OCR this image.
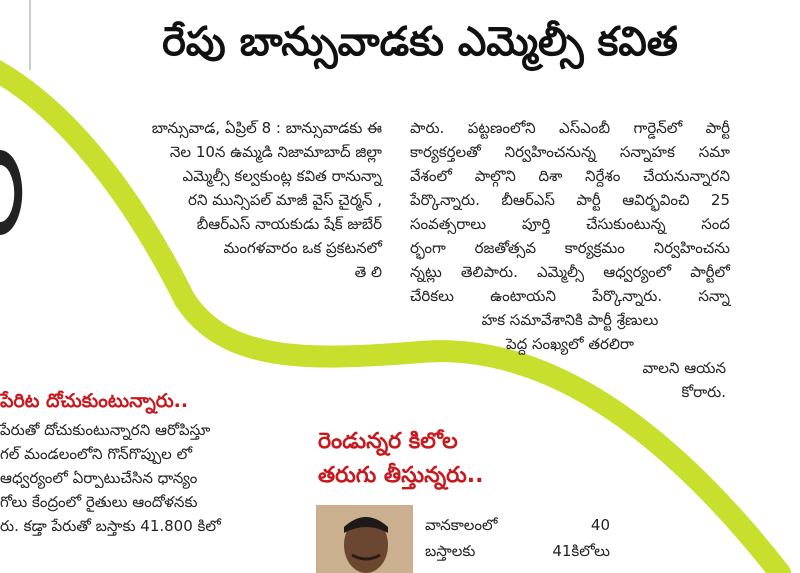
రేపు బాన్సువాడకు ఎమ్మెల్సీ కవిత
బాన్సువాడ, ఏప్రిల్ 8 : బాన్సువాడకు ఈ
నెల 10న ఉమ్మడి నిజామాబాద్ జిల్లా
ఎమ్మెల్సీ కల్వకుంట్ల కవిత రానున్నా
రని మున్సిపల్ మాజీ వైస్ చైర్మన్ ,
బీఆర్ఎస్ నాయకుడు షేక్ జుబేర్
మంగళవారం ఒక ప్రకటనలో
తె లి
పారు. పట్టణంలోని ఎస్ఎంబీ గార్డెన్‌లో పార్టీ
కార్యకర్తలతో నిర్వహించనున్న సన్నాహక సమా
వేశంలో పాల్గొని దిశా నిర్దేశం చేయనున్నారని
పేర్కొన్నారు. బీఆర్ఎస్ పార్టీ ఆవిర్భవించి 25
సంవత్సరాలు పూర్తి చేసుకుంటున్న సంద
ర్భంగా రజతోత్సవ కార్యక్రమం నిర్వహించను
న్నట్లు తెలిపారు. ఎమ్మెల్సీ ఆధ్వర్యంలో పార్టీలో
చేరికలు ఉంటాయని పేర్కొన్నారు. సన్నా
హక సమావేశానికి పార్టీ శ్రేణులు
పెద్ద సంఖ్యలో తరలిరా
వాలని ఆయన
కోరారు.
పేరిట దోచుకుంటున్నారు..
పేరుతో దోచుకుంటున్నారని ఆరోపిస్తూ
గల్ మండలంలోని గొన్‌గొప్పుల లో
ఆధ్వర్యంలో ఏర్పాటుచేసిన ధాన్యం
గోలు కేంద్రంలో రైతులు ఆందోళనకు
రు. కడ్తా పేరుతో బస్తాకు 41.800 కిలో
రెండున్నర కిలోల
తరుగు తీస్తున్నరు..
వానకాలంలో 40
బస్తాలకు 41కిలోలు
